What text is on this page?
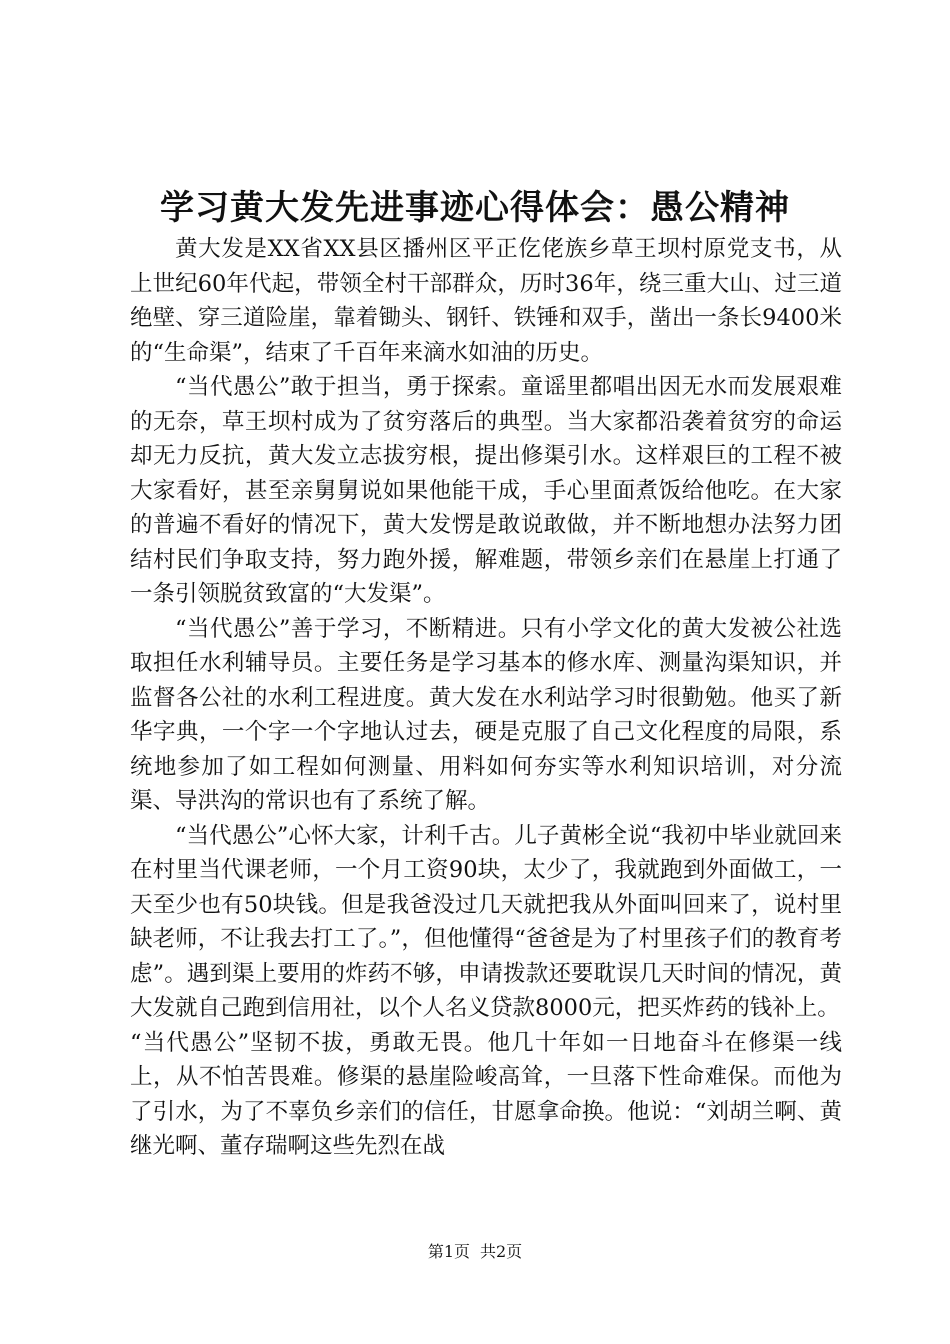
学习黄大发先进事迹心得体会：愚公精神

黄大发是XX省XX县区播州区平正仡佬族乡草王坝村原党支书，从上世纪60年代起，带领全村干部群众，历时36年，绕三重大山、过三道绝壁、穿三道险崖，靠着锄头、钢钎、铁锤和双手，凿出一条长9400米的“生命渠”，结束了千百年来滴水如油的历史。

“当代愚公”敢于担当，勇于探索。童谣里都唱出因无水而发展艰难的无奈，草王坝村成为了贫穷落后的典型。当大家都沿袭着贫穷的命运却无力反抗，黄大发立志拔穷根，提出修渠引水。这样艰巨的工程不被大家看好，甚至亲舅舅说如果他能干成，手心里面煮饭给他吃。在大家的普遍不看好的情况下，黄大发愣是敢说敢做，并不断地想办法努力团结村民们争取支持，努力跑外援，解难题，带领乡亲们在悬崖上打通了一条引领脱贫致富的“大发渠”。

“当代愚公”善于学习，不断精进。只有小学文化的黄大发被公社选取担任水利辅导员。主要任务是学习基本的修水库、测量沟渠知识，并监督各公社的水利工程进度。黄大发在水利站学习时很勤勉。他买了新华字典，一个字一个字地认过去，硬是克服了自己文化程度的局限，系统地参加了如工程如何测量、用料如何夯实等水利知识培训，对分流渠、导洪沟的常识也有了系统了解。

“当代愚公”心怀大家，计利千古。儿子黄彬全说“我初中毕业就回来在村里当代课老师，一个月工资90块，太少了，我就跑到外面做工，一天至少也有50块钱。但是我爸没过几天就把我从外面叫回来了，说村里缺老师，不让我去打工了。”，但他懂得“爸爸是为了村里孩子们的教育考虑”。遇到渠上要用的炸药不够，申请拨款还要耽误几天时间的情况，黄大发就自己跑到信用社，以个人名义贷款8000元，把买炸药的钱补上。

“当代愚公”坚韧不拔，勇敢无畏。他几十年如一日地奋斗在修渠一线上，从不怕苦畏难。修渠的悬崖险峻高耸，一旦落下性命难保。而他为了引水，为了不辜负乡亲们的信任，甘愿拿命换。他说：“刘胡兰啊、黄继光啊、董存瑞啊这些先烈在战

第1页 共2页
